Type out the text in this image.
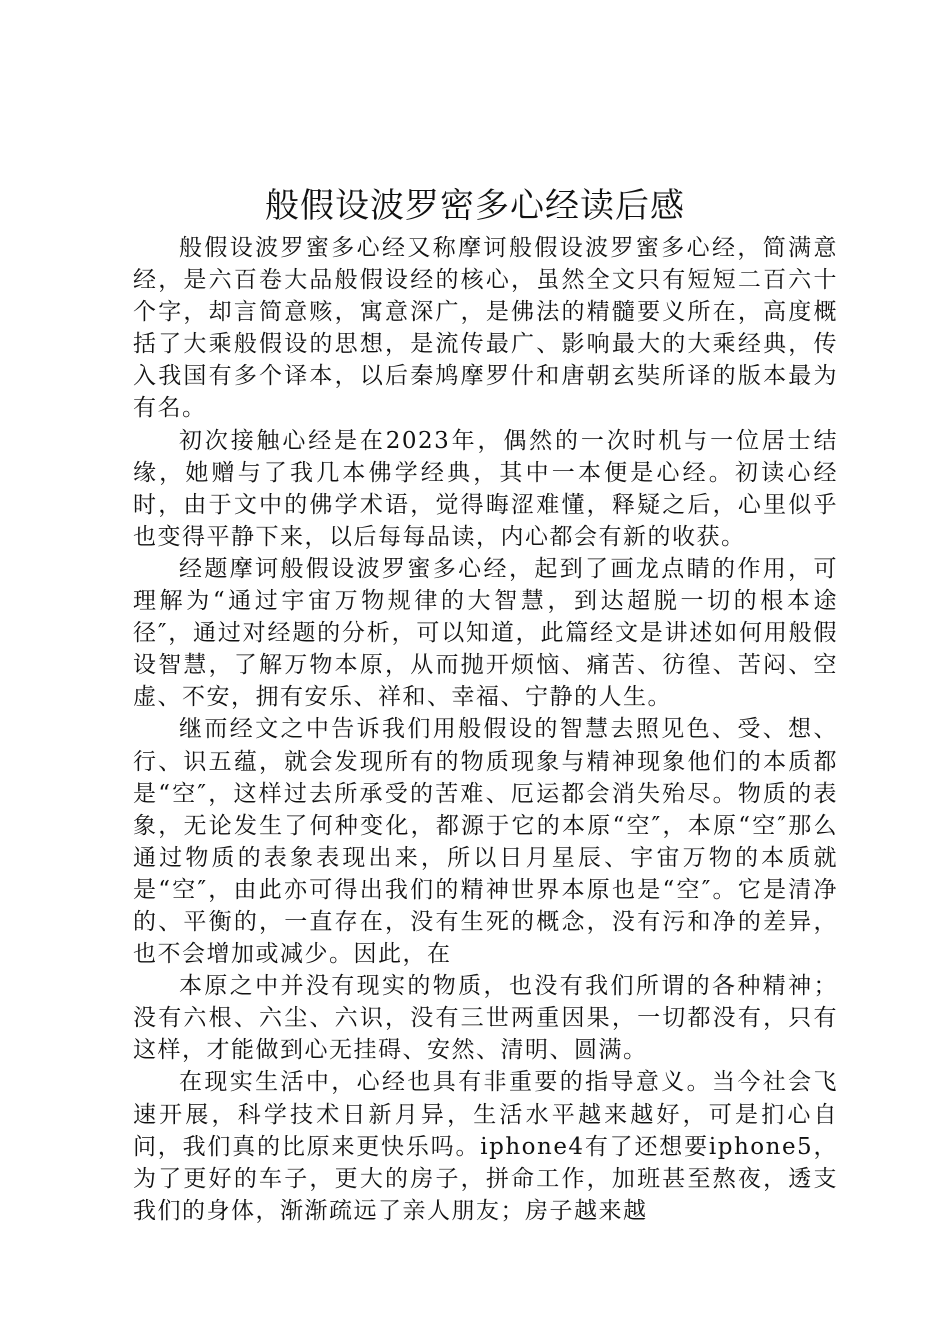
般假设波罗密多心经读后感

般假设波罗蜜多心经又称摩诃般假设波罗蜜多心经，简满意经，是六百卷大品般假设经的核心，虽然全文只有短短二百六十个字，却言简意赅，寓意深广，是佛法的精髓要义所在，高度概括了大乘般假设的思想，是流传最广、影响最大的大乘经典，传入我国有多个译本，以后秦鸠摩罗什和唐朝玄奘所译的版本最为有名。

初次接触心经是在2023年，偶然的一次时机与一位居士结缘，她赠与了我几本佛学经典，其中一本便是心经。初读心经时，由于文中的佛学术语，觉得晦涩难懂，释疑之后，心里似乎也变得平静下来，以后每每品读，内心都会有新的收获。

经题摩诃般假设波罗蜜多心经，起到了画龙点睛的作用，可理解为“通过宇宙万物规律的大智慧，到达超脱一切的根本途径″，通过对经题的分析，可以知道，此篇经文是讲述如何用般假设智慧，了解万物本原，从而抛开烦恼、痛苦、彷徨、苦闷、空虚、不安，拥有安乐、祥和、幸福、宁静的人生。

继而经文之中告诉我们用般假设的智慧去照见色、受、想、行、识五蕴，就会发现所有的物质现象与精神现象他们的本质都是“空″，这样过去所承受的苦难、厄运都会消失殆尽。物质的表象，无论发生了何种变化，都源于它的本原“空″，本原“空″那么通过物质的表象表现出来，所以日月星辰、宇宙万物的本质就是“空″，由此亦可得出我们的精神世界本原也是“空″。它是清净的、平衡的，一直存在，没有生死的概念，没有污和净的差异，也不会增加或减少。因此，在

本原之中并没有现实的物质，也没有我们所谓的各种精神；没有六根、六尘、六识，没有三世两重因果，一切都没有，只有这样，才能做到心无挂碍、安然、清明、圆满。

在现实生活中，心经也具有非重要的指导意义。当今社会飞速开展，科学技术日新月异，生活水平越来越好，可是扪心自问，我们真的比原来更快乐吗。iphone4有了还想要iphone5，为了更好的车子，更大的房子，拼命工作，加班甚至熬夜，透支我们的身体，渐渐疏远了亲人朋友；房子越来越
